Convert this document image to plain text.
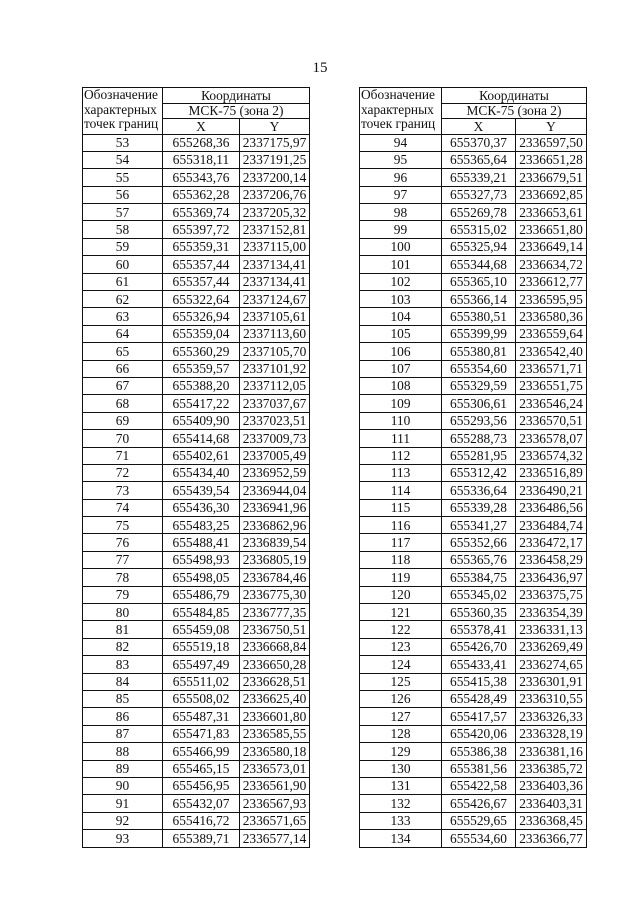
15
Обозначение
характерных
точек границ	Координаты	
	МСК-75 (зона 2)	
	X	Y
53	655268,36	2337175,97
54	655318,11	2337191,25
55	655343,76	2337200,14
56	655362,28	2337206,76
57	655369,74	2337205,32
58	655397,72	2337152,81
59	655359,31	2337115,00
60	655357,44	2337134,41
61	655357,44	2337134,41
62	655322,64	2337124,67
63	655326,94	2337105,61
64	655359,04	2337113,60
65	655360,29	2337105,70
66	655359,57	2337101,92
67	655388,20	2337112,05
68	655417,22	2337037,67
69	655409,90	2337023,51
70	655414,68	2337009,73
71	655402,61	2337005,49
72	655434,40	2336952,59
73	655439,54	2336944,04
74	655436,30	2336941,96
75	655483,25	2336862,96
76	655488,41	2336839,54
77	655498,93	2336805,19
78	655498,05	2336784,46
79	655486,79	2336775,30
80	655484,85	2336777,35
81	655459,08	2336750,51
82	655519,18	2336668,84
83	655497,49	2336650,28
84	655511,02	2336628,51
85	655508,02	2336625,40
86	655487,31	2336601,80
87	655471,83	2336585,55
88	655466,99	2336580,18
89	655465,15	2336573,01
90	655456,95	2336561,90
91	655432,07	2336567,93
92	655416,72	2336571,65
93	655389,71	2336577,14
Обозначение
характерных
точек границ	Координаты	
	МСК-75 (зона 2)	
	X	Y
94	655370,37	2336597,50
95	655365,64	2336651,28
96	655339,21	2336679,51
97	655327,73	2336692,85
98	655269,78	2336653,61
99	655315,02	2336651,80
100	655325,94	2336649,14
101	655344,68	2336634,72
102	655365,10	2336612,77
103	655366,14	2336595,95
104	655380,51	2336580,36
105	655399,99	2336559,64
106	655380,81	2336542,40
107	655354,60	2336571,71
108	655329,59	2336551,75
109	655306,61	2336546,24
110	655293,56	2336570,51
111	655288,73	2336578,07
112	655281,95	2336574,32
113	655312,42	2336516,89
114	655336,64	2336490,21
115	655339,28	2336486,56
116	655341,27	2336484,74
117	655352,66	2336472,17
118	655365,76	2336458,29
119	655384,75	2336436,97
120	655345,02	2336375,75
121	655360,35	2336354,39
122	655378,41	2336331,13
123	655426,70	2336269,49
124	655433,41	2336274,65
125	655415,38	2336301,91
126	655428,49	2336310,55
127	655417,57	2336326,33
128	655420,06	2336328,19
129	655386,38	2336381,16
130	655381,56	2336385,72
131	655422,58	2336403,36
132	655426,67	2336403,31
133	655529,65	2336368,45
134	655534,60	2336366,77
